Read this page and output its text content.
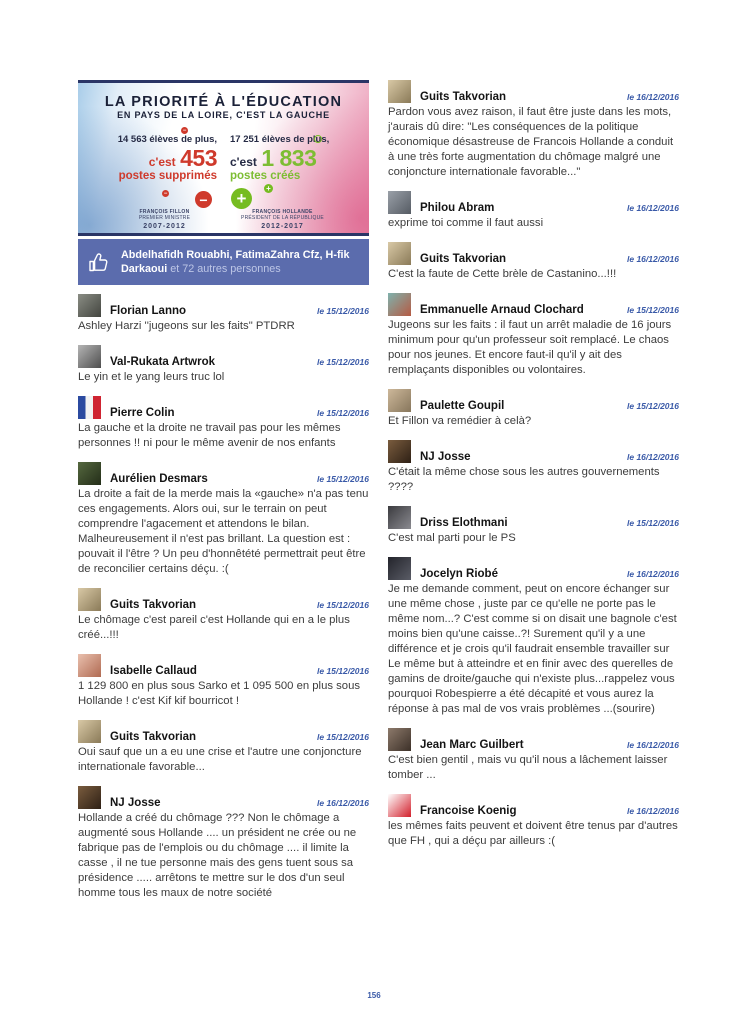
LA PRIORITÉ À L'ÉDUCATION
EN PAYS DE LA LOIRE, C'EST LA GAUCHE
14 563 élèves de plus,
c'est 453
postes supprimés
17 251 élèves de plus,
c'est 1 833
postes créés
−
−
+
−	+
FRANÇOIS FILLON
PREMIER MINISTRE
2007-2012
FRANÇOIS HOLLANDE
PRÉSIDENT DE LA RÉPUBLIQUE
2012-2017
Abdelhafidh Rouabhi, FatimaZahra Cfz, H-fik Darkaoui et 72 autres personnes
Florian Lanno	le 15/12/2016
Ashley Harzi ''jugeons sur les faits" PTDRR
Val-Rukata Artwrok	le 15/12/2016
Le yin et le yang leurs truc lol
Pierre Colin	le 15/12/2016
La gauche et la droite ne travail pas pour les mêmes personnes !! ni pour le même avenir de nos enfants
Aurélien Desmars	le 15/12/2016
La droite a fait de la merde mais la «gauche» n'a pas tenu ces engagements. Alors oui, sur le terrain on peut comprendre l'agacement et attendons le bilan. Malheureusement il n'est pas brillant. La question est : pouvait il l'être ? Un peu d'honnêtété permettrait peut être de reconcilier certains déçu. :(
Guits Takvorian	le 15/12/2016
Le chômage c'est pareil c'est Hollande qui en a le plus créé...!!!
Isabelle Callaud	le 15/12/2016
1 129 800 en plus sous Sarko et 1 095 500 en plus sous Hollande ! c'est Kif kif bourricot !
Guits Takvorian	le 15/12/2016
Oui sauf que un a eu une crise et l'autre une conjoncture internationale favorable...
NJ Josse	le 16/12/2016
Hollande a créé du chômage ??? Non le chômage a augmenté sous Hollande .... un président ne crée ou ne fabrique pas de l'emplois ou du chômage .... il limite la casse , il ne tue personne mais des gens tuent sous sa présidence ..... arrêtons te mettre sur le dos d'un seul homme tous les maux de notre société
Guits Takvorian	le 16/12/2016
Pardon vous avez raison, il faut être juste dans les mots, j'aurais dû dire: "Les conséquences de la politique économique désastreuse de Francois Hollande a conduit à une très forte augmentation du chômage malgré une conjoncture internationale favorable..."
Philou Abram	le 16/12/2016
exprime toi comme il faut aussi
Guits Takvorian	le 16/12/2016
C'est la faute de Cette brèle de Castanino...!!!
Emmanuelle Arnaud Clochard	le 15/12/2016
Jugeons sur les faits : il faut un arrêt maladie de 16 jours minimum pour qu'un professeur soit remplacé. Le chaos pour nos jeunes. Et encore faut-il qu'il y ait des remplaçants disponibles ou volontaires.
Paulette Goupil	le 15/12/2016
Et Fillon va remédier à celà?
NJ Josse	le 16/12/2016
C'était la même chose sous les autres gouvernements ????
Driss Elothmani	le 15/12/2016
C'est mal parti pour le PS
Jocelyn Riobé	le 16/12/2016
Je me demande comment, peut on encore échanger sur une même chose , juste par ce qu'elle ne porte pas le même nom...? C'est comme si on disait une bagnole c'est moins bien qu'une caisse..?! Surement qu'il y a une différence et je crois qu'il faudrait ensemble travailler sur Le même but à atteindre et en finir avec des querelles de gamins de droite/gauche qui n'existe plus...rappelez vous pourquoi Robespierre a été décapité et vous aurez la réponse à pas mal de vos vrais problèmes ...(sourire)
Jean Marc Guilbert	le 16/12/2016
C'est bien gentil , mais vu qu'il nous a lâchement laisser tomber ...
Francoise Koenig	le 16/12/2016
les mêmes faits peuvent et doivent être tenus par d'autres que FH , qui a déçu par ailleurs :(
156
